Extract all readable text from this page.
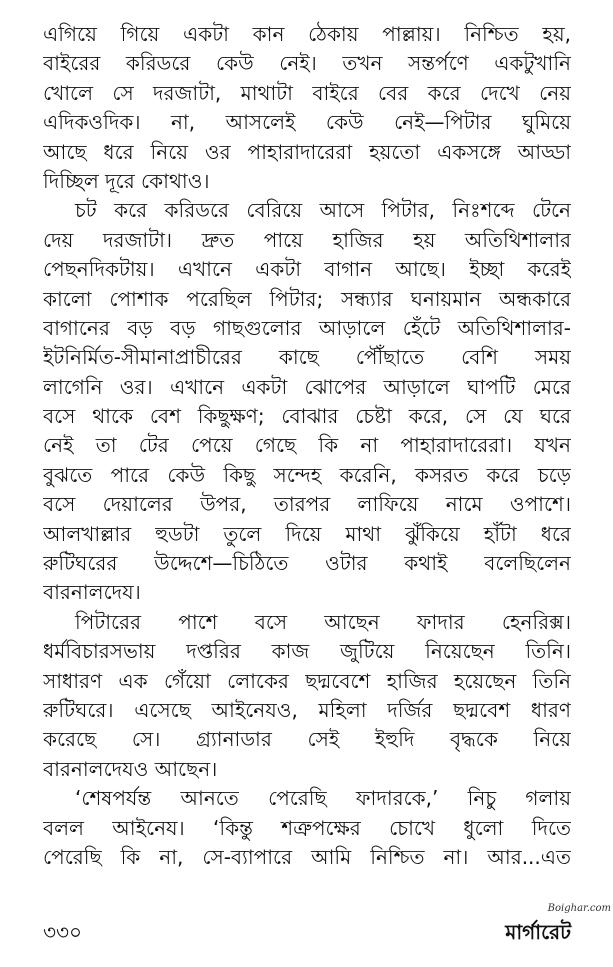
এগিয়ে গিয়ে একটা কান ঠেকায় পাল্লায়। নিশ্চিত হয়,
বাইরের করিডরে কেউ নেই। তখন সন্তর্পণে একটুখানি
খোলে সে দরজাটা, মাথাটা বাইরে বের করে দেখে নেয়
এদিকওদিক। না, আসলেই কেউ নেই—পিটার ঘুমিয়ে
আছে ধরে নিয়ে ওর পাহারাদারেরা হয়তো একসঙ্গে আড্ডা
দিচ্ছিল দূরে কোথাও।
চট করে করিডরে বেরিয়ে আসে পিটার, নিঃশব্দে টেনে
দেয় দরজাটা। দ্রুত পায়ে হাজির হয় অতিথিশালার
পেছনদিকটায়। এখানে একটা বাগান আছে। ইচ্ছা করেই
কালো পোশাক পরেছিল পিটার; সন্ধ্যার ঘনায়মান অন্ধকারে
বাগানের বড় বড় গাছগুলোর আড়ালে হেঁটে অতিথিশালার-
ইটনির্মিত-সীমানাপ্রাচীরের কাছে পৌঁছাতে বেশি সময়
লাগেনি ওর। এখানে একটা ঝোপের আড়ালে ঘাপটি মেরে
বসে থাকে বেশ কিছুক্ষণ; বোঝার চেষ্টা করে, সে যে ঘরে
নেই তা টের পেয়ে গেছে কি না পাহারাদারেরা। যখন
বুঝতে পারে কেউ কিছু সন্দেহ করেনি, কসরত করে চড়ে
বসে দেয়ালের উপর, তারপর লাফিয়ে নামে ওপাশে।
আলখাল্লার হুডটা তুলে দিয়ে মাথা ঝুঁকিয়ে হাঁটা ধরে
রুটিঘরের উদ্দেশে—চিঠিতে ওটার কথাই বলেছিলেন
বারনালদেয।
পিটারের পাশে বসে আছেন ফাদার হেনরিক্স।
ধর্মবিচারসভায় দপ্তরির কাজ জুটিয়ে নিয়েছেন তিনি।
সাধারণ এক গেঁয়ো লোকের ছদ্মবেশে হাজির হয়েছেন তিনি
রুটিঘরে। এসেছে আইনেযও, মহিলা দর্জির ছদ্মবেশ ধারণ
করেছে সে। গ্র্যানাডার সেই ইহুদি বৃদ্ধকে নিয়ে
বারনালদেযও আছেন।
‘শেষপর্যন্ত আনতে পেরেছি ফাদারকে,’ নিচু গলায়
বলল আইনেয। ‘কিন্তু শত্রুপক্ষের চোখে ধুলো দিতে
পেরেছি কি না, সে-ব্যাপারে আমি নিশ্চিত না। আর...এত
Boighar.com
৩৩০	মার্গারেট
